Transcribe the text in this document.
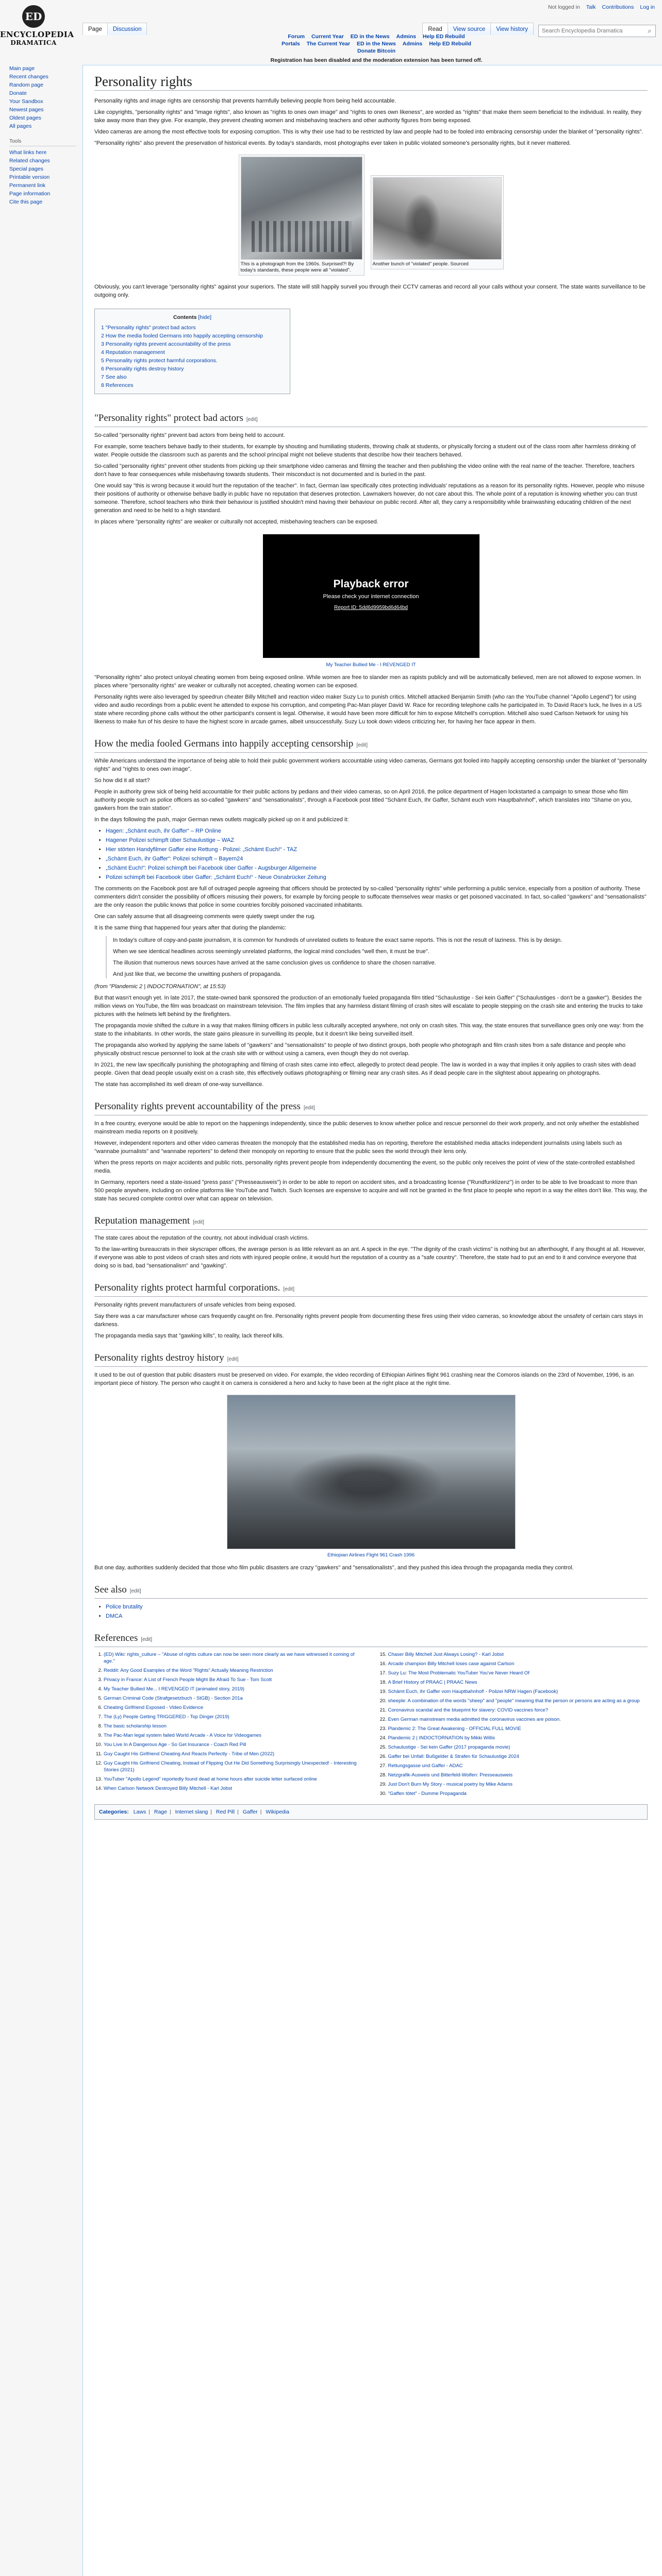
ED
ENCYCLOPEDIA
DRAMATICA
Not logged in Talk Contributions Log in
Page	Discussion	Read	View source	View history
Search Encyclopedia Dramatica	⌕
Forum Current Year ED in the News Admins Help ED Rebuild
Portals The Current Year ED in the News Admins Help ED Rebuild
Donate Bitcoin
Registration has been disabled and the moderation extension has been turned off.
Main page
Recent changes
Random page
Donate
Your Sandbox
Newest pages
Oldest pages
All pages
Tools
What links here
Related changes
Special pages
Printable version
Permanent link
Page information
Cite this page
Personality rights

Personality rights and image rights are censorship that prevents harmfully believing people from being held accountable.

Like copyrights, "personality rights" and "image rights", also known as "rights to ones own image" and "rights to ones own likeness", are worded as "rights" that make them seem beneficial to the individual. In reality, they take away more than they give. For example, they prevent cheating women and misbehaving teachers and other authority figures from being exposed.

Video cameras are among the most effective tools for exposing corruption. This is why their use had to be restricted by law and people had to be fooled into embracing censorship under the blanket of "personality rights".

"Personality rights" also prevent the preservation of historical events. By today's standards, most photographs ever taken in public violated someone's personality rights, but it never mattered.

This is a photograph from the 1960s. Surprised?! By today's standards, these people were all "violated".
Another bunch of "violated" people. Sourced

Obviously, you can't leverage "personality rights" against your superiors. The state will still happily surveil you through their CCTV cameras and record all your calls without your consent. The state wants surveillance to be outgoing only.

Contents [hide]
1 "Personality rights" protect bad actors
2 How the media fooled Germans into happily accepting censorship
3 Personality rights prevent accountability of the press
4 Reputation management
5 Personality rights protect harmful corporations.
6 Personality rights destroy history
7 See also
8 References
"Personality rights" protect bad actors [edit]

So-called "personality rights" prevent bad actors from being held to account.

For example, some teachers behave badly to their students, for example by shouting and humiliating students, throwing chalk at students, or physically forcing a student out of the class room after harmless drinking of water. People outside the classroom such as parents and the school principal might not believe students that describe how their teachers behaved.

So-called "personality rights" prevent other students from picking up their smartphone video cameras and filming the teacher and then publishing the video online with the real name of the teacher. Therefore, teachers don't have to fear consequences while misbehaving towards students. Their misconduct is not documented and is buried in the past.

One would say "this is wrong because it would hurt the reputation of the teacher". In fact, German law specifically cites protecting individuals' reputations as a reason for its personality rights. However, people who misuse their positions of authority or otherwise behave badly in public have no reputation that deserves protection. Lawmakers however, do not care about this. The whole point of a reputation is knowing whether you can trust someone. Therefore, school teachers who think their behaviour is justified shouldn't mind having their behaviour on public record. After all, they carry a responsibility while brainwashing educating children of the next generation and need to be held to a high standard.

In places where "personality rights" are weaker or culturally not accepted, misbehaving teachers can be exposed.

Playback error
Please check your internet connection
Report ID: 5dd6d9959bd6d64bd
My Teacher Bullied Me - I REVENGED IT

"Personality rights" also protect unloyal cheating women from being exposed online. While women are free to slander men as rapists publicly and will be automatically believed, men are not allowed to expose women. In places where "personality rights" are weaker or culturally not accepted, cheating women can be exposed.

Personality rights were also leveraged by speedrun cheater Billy Mitchell and reaction video maker Suzy Lu to punish critics. Mitchell attacked Benjamin Smith (who ran the YouTube channel "Apollo Legend") for using video and audio recordings from a public event he attended to expose his corruption, and competing Pac-Man player David W. Race for recording telephone calls he participated in. To David Race's luck, he lives in a US state where recording phone calls without the other participant's consent is legal. Otherwise, it would have been more difficult for him to expose Mitchell's corruption. Mitchell also sued Carlson Network for using his likeness to make fun of his desire to have the highest score in arcade games, albeit unsuccessfully. Suzy Lu took down videos criticizing her, for having her face appear in them.

How the media fooled Germans into happily accepting censorship [edit]

While Americans understand the importance of being able to hold their public government workers accountable using video cameras, Germans got fooled into happily accepting censorship under the blanket of "personality rights" and "rights to ones own image".

So how did it all start?

People in authority grew sick of being held accountable for their public actions by pedians and their video cameras, so on April 2016, the police department of Hagen lockstarted a campaign to smear those who film authority people such as police officers as so-called "gawkers" and "sensationalists", through a Facebook post titled "Schämt Euch, Ihr Gaffer, Schämt euch vom Hauptbahnhof", which translates into "Shame on you, gawkers from the train station".

In the days following the push, major German news outlets magically picked up on it and publicized it:

• Hagen: „Schämt euch, ihr Gaffer“ – RP Online
• Hagener Polizei schimpft über Schaulustige – WAZ
• Hier störten Handyfilmer Gaffer eine Rettung - Polizei: „Schämt Euch!“ - TAZ
• „Schämt Euch, ihr Gaffer“: Polizei schimpft – Bayern24
• „Schämt Euch!“: Polizei schimpft bei Facebook über Gaffer - Augsburger Allgemeine
• Polizei schimpft bei Facebook über Gaffer: „Schämt Euch!“ - Neue Osnabrücker Zeitung

The comments on the Facebook post are full of outraged people agreeing that officers should be protected by so-called "personality rights" while performing a public service, especially from a position of authority. These commenters didn't consider the possibility of officers misusing their powers, for example by forcing people to suffocate themselves wear masks or get poisoned vaccinated. In fact, so-called "gawkers" and "sensationalists" are the only reason the public knows that police in some countries forcibly poisoned vaccinated inhabitants.

One can safely assume that all disagreeing comments were quietly swept under the rug.

It is the same thing that happened four years after that during the plandemic:

In today's culture of copy-and-paste journalism, it is common for hundreds of unrelated outlets to feature the exact same reports. This is not the result of laziness. This is by design.

When we see identical headlines across seemingly unrelated platforms, the logical mind concludes "well then, it must be true".

The illusion that numerous news sources have arrived at the same conclusion gives us confidence to share the chosen narrative.

And just like that, we become the unwitting pushers of propaganda.

(from "Plandemic 2 | INDOCTORNATION", at 15:53)

But that wasn't enough yet. In late 2017, the state-owned bank sponsored the production of an emotionally fueled propaganda film titled "Schaulustige - Sei kein Gaffer" ("Schaulustiges - don't be a gawker"). Besides the million views on YouTube, the film was broadcast on mainstream television. The film implies that any harmless distant filming of crash sites will escalate to people stepping on the crash site and entering the trucks to take pictures with the helmets left behind by the firefighters.

The propaganda movie shifted the culture in a way that makes filming officers in public less culturally accepted anywhere, not only on crash sites. This way, the state ensures that surveillance goes only one way: from the state to the inhabitants. In other words, the state gains pleasure in surveilling its people, but it doesn't like being surveilled itself.

The propaganda also worked by applying the same labels of "gawkers" and "sensationalists" to people of two distinct groups, both people who photograph and film crash sites from a safe distance and people who physically obstruct rescue personnel to look at the crash site with or without using a camera, even though they do not overlap.

In 2021, the new law specifically punishing the photographing and filming of crash sites came into effect, allegedly to protect dead people. The law is worded in a way that implies it only applies to crash sites with dead people. Given that dead people usually exist on a crash site, this effectively outlaws photographing or filming near any crash sites. As if dead people care in the slightest about appearing on photographs.

The state has accomplished its well dream of one-way surveillance.

Personality rights prevent accountability of the press [edit]

In a free country, everyone would be able to report on the happenings independently, since the public deserves to know whether police and rescue personnel do their work properly, and not only whether the established mainstream media reports on it positively.

However, independent reporters and other video cameras threaten the monopoly that the established media has on reporting, therefore the established media attacks independent journalists using labels such as "wannabe journalists" and "wannabe reporters" to defend their monopoly on reporting to ensure that the public sees the world through their lens only.

When the press reports on major accidents and public riots, personality rights prevent people from independently documenting the event, so the public only receives the point of view of the state-controlled established media.

In Germany, reporters need a state-issued "press pass" ("Presseausweis") in order to be able to report on accident sites, and a broadcasting license ("Rundfunklizenz") in order to be able to live broadcast to more than 500 people anywhere, including on online platforms like YouTube and Twitch. Such licenses are expensive to acquire and will not be granted in the first place to people who report in a way the elites don't like. This way, the state has secured complete control over what can appear on television.

Reputation management [edit]

The state cares about the reputation of the country, not about individual crash victims.

To the law-writing bureaucrats in their skyscraper offices, the average person is as little relevant as an ant. A speck in the eye. "The dignity of the crash victims" is nothing but an afterthought, if any thought at all. However, if everyone was able to post videos of crash sites and riots with injured people online, it would hurt the reputation of a country as a "safe country". Therefore, the state had to put an end to it and convince everyone that doing so is bad, bad "sensationalism" and "gawking".

Personality rights protect harmful corporations. [edit]

Personality rights prevent manufacturers of unsafe vehicles from being exposed.

Say there was a car manufacturer whose cars frequently caught on fire. Personality rights prevent people from documenting these fires using their video cameras, so knowledge about the unsafety of certain cars stays in darkness.

The propaganda media says that "gawking kills", to reality, lack thereof kills.

Personality rights destroy history [edit]

It used to be out of question that public disasters must be preserved on video. For example, the video recording of Ethiopian Airlines flight 961 crashing near the Comoros islands on the 23rd of November, 1996, is an important piece of history. The person who caught it on camera is considered a hero and lucky to have been at the right place at the right time.

Ethiopian Airlines Flight 961 Crash 1996

But one day, authorities suddenly decided that those who film public disasters are crazy "gawkers" and "sensationalists", and they pushed this idea through the propaganda media they control.

See also [edit]
• Police brutality
• DMCA
References [edit]
1. (ED) Wiki: rights_culture – "Abuse of rights culture can now be seen more clearly as we have witnessed it coming of age."
2. Reddit: Any Good Examples of the Word "Rights" Actually Meaning Restriction
3. Privacy in France: A List of French People Might Be Afraid To Sue - Tom Scott
4. My Teacher Bullied Me... I REVENGED IT (animated story, 2019)
5. German Criminal Code (Strafgesetzbuch - StGB) - Section 201a
6. Cheating Girlfriend Exposed - Video Evidence
7. The (Ly) People Getting TRIGGERED - Top Dinger (2019)
8. The basic scholarship lesson
9. The Pac-Man legal system failed World Arcade - A Voice for Videogames
10. You Live In A Dangerous Age - So Get Insurance - Coach Red Pill
11. Guy Caught His Girlfriend Cheating And Reacts Perfectly - Tribe of Men (2022)
12. Guy Caught His Girlfriend Cheating, Instead of Flipping Out He Did Something Surprisingly Unexpected! - Interesting Stories (2021)
13. YouTuber "Apollo Legend" reportedly found dead at home hours after suicide letter surfaced online
14. When Carlson Network Destroyed Billy Mitchell - Karl Jobst
15. Chaser Billy Mitchell Just Always Losing? - Karl Jobst
16. Arcade champion Billy Mitchell loses case against Carlson
17. Suzy Lu: The Most Problematic YouTuber You've Never Heard Of
18. A Brief History of PRAAC | PRAAC News
19. Schämt Euch, ihr Gaffer vom Hauptbahnhof! - Polizei NRW Hagen (Facebook)
20. sheeple: A combination of the words "sheep" and "people" meaning that the person or persons are acting as a group
21. Coronavirus scandal and the blueprint for slavery: COVID vaccines force?
22. Even German mainstream media admitted the coronavirus vaccines are poison.
23. Plandemic 2: The Great Awakening - OFFICIAL FULL MOVIE
24. Plandemic 2 | INDOCTORNATION by Mikki Willis
25. Schaulustige - Sei kein Gaffer (2017 propaganda movie)
26. Gaffer bei Unfall: Bußgelder & Strafen für Schaulustige 2024
27. Rettungsgasse und Gaffer - ADAC
28. Netzgrafik-Ausweis und Bitterfeld-Wolfen: Presseausweis
29. Just Don't Burn My Story - musical poetry by Mike Adams
30. "Gaffen tötet" - Dumme Propaganda
Categories: Laws | Rage | Internet slang | Red Pill | Gaffer | Wikipedia
